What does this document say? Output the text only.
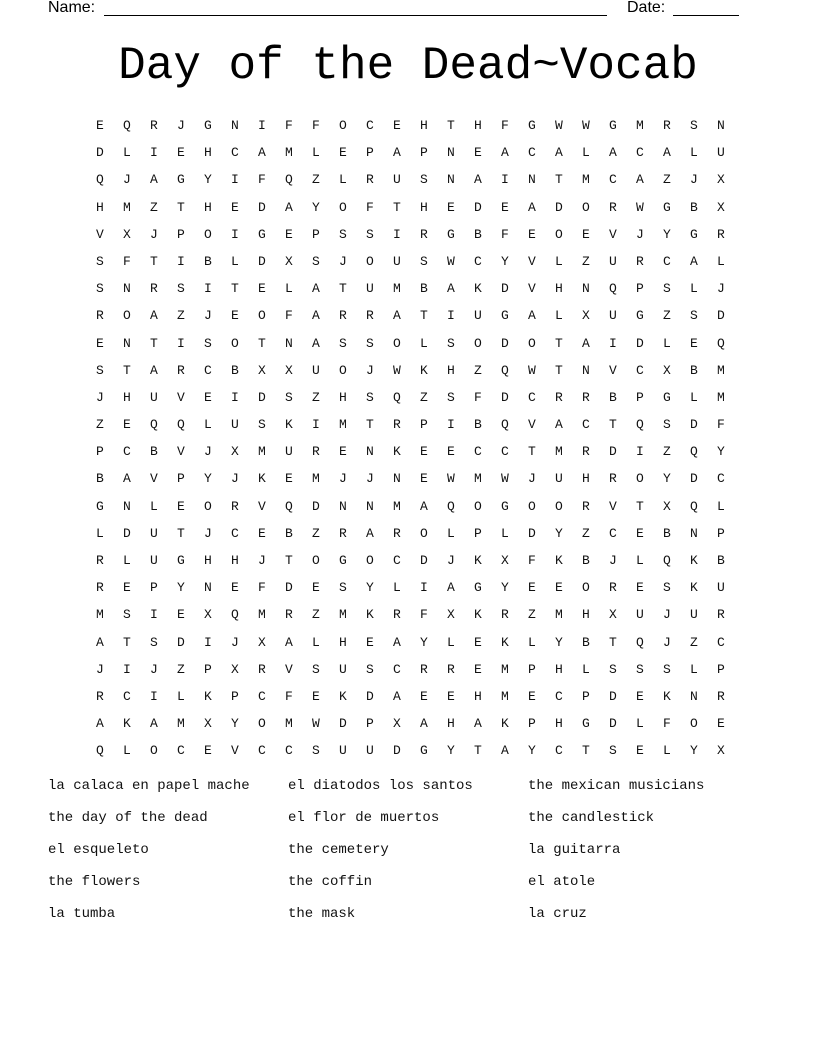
Name:	Date:
Day of the Dead~Vocab
E	Q	R	J	G	N	I	F	F	O	C	E	H	T	H	F	G	W	W	G	M	R	S	N
D	L	I	E	H	C	A	M	L	E	P	A	P	N	E	A	C	A	L	A	C	A	L	U
Q	J	A	G	Y	I	F	Q	Z	L	R	U	S	N	A	I	N	T	M	C	A	Z	J	X
H	M	Z	T	H	E	D	A	Y	O	F	T	H	E	D	E	A	D	O	R	W	G	B	X
V	X	J	P	O	I	G	E	P	S	S	I	R	G	B	F	E	O	E	V	J	Y	G	R
S	F	T	I	B	L	D	X	S	J	O	U	S	W	C	Y	V	L	Z	U	R	C	A	L
S	N	R	S	I	T	E	L	A	T	U	M	B	A	K	D	V	H	N	Q	P	S	L	J
R	O	A	Z	J	E	O	F	A	R	R	A	T	I	U	G	A	L	X	U	G	Z	S	D
E	N	T	I	S	O	T	N	A	S	S	O	L	S	O	D	O	T	A	I	D	L	E	Q
S	T	A	R	C	B	X	X	U	O	J	W	K	H	Z	Q	W	T	N	V	C	X	B	M
J	H	U	V	E	I	D	S	Z	H	S	Q	Z	S	F	D	C	R	R	B	P	G	L	M
Z	E	Q	Q	L	U	S	K	I	M	T	R	P	I	B	Q	V	A	C	T	Q	S	D	F
P	C	B	V	J	X	M	U	R	E	N	K	E	E	C	C	T	M	R	D	I	Z	Q	Y
B	A	V	P	Y	J	K	E	M	J	J	N	E	W	M	W	J	U	H	R	O	Y	D	C
G	N	L	E	O	R	V	Q	D	N	N	M	A	Q	O	G	O	O	R	V	T	X	Q	L
L	D	U	T	J	C	E	B	Z	R	A	R	O	L	P	L	D	Y	Z	C	E	B	N	P
R	L	U	G	H	H	J	T	O	G	O	C	D	J	K	X	F	K	B	J	L	Q	K	B
R	E	P	Y	N	E	F	D	E	S	Y	L	I	A	G	Y	E	E	O	R	E	S	K	U
M	S	I	E	X	Q	M	R	Z	M	K	R	F	X	K	R	Z	M	H	X	U	J	U	R
A	T	S	D	I	J	X	A	L	H	E	A	Y	L	E	K	L	Y	B	T	Q	J	Z	C
J	I	J	Z	P	X	R	V	S	U	S	C	R	R	E	M	P	H	L	S	S	S	L	P
R	C	I	L	K	P	C	F	E	K	D	A	E	E	H	M	E	C	P	D	E	K	N	R
A	K	A	M	X	Y	O	M	W	D	P	X	A	H	A	K	P	H	G	D	L	F	O	E
Q	L	O	C	E	V	C	C	S	U	U	D	G	Y	T	A	Y	C	T	S	E	L	Y	X
la calaca en papel mache	el diatodos los santos	the mexican musicians
the day of the dead	el flor de muertos	the candlestick
el esqueleto	the cemetery	la guitarra
the flowers	the coffin	el atole
la tumba	the mask	la cruz
